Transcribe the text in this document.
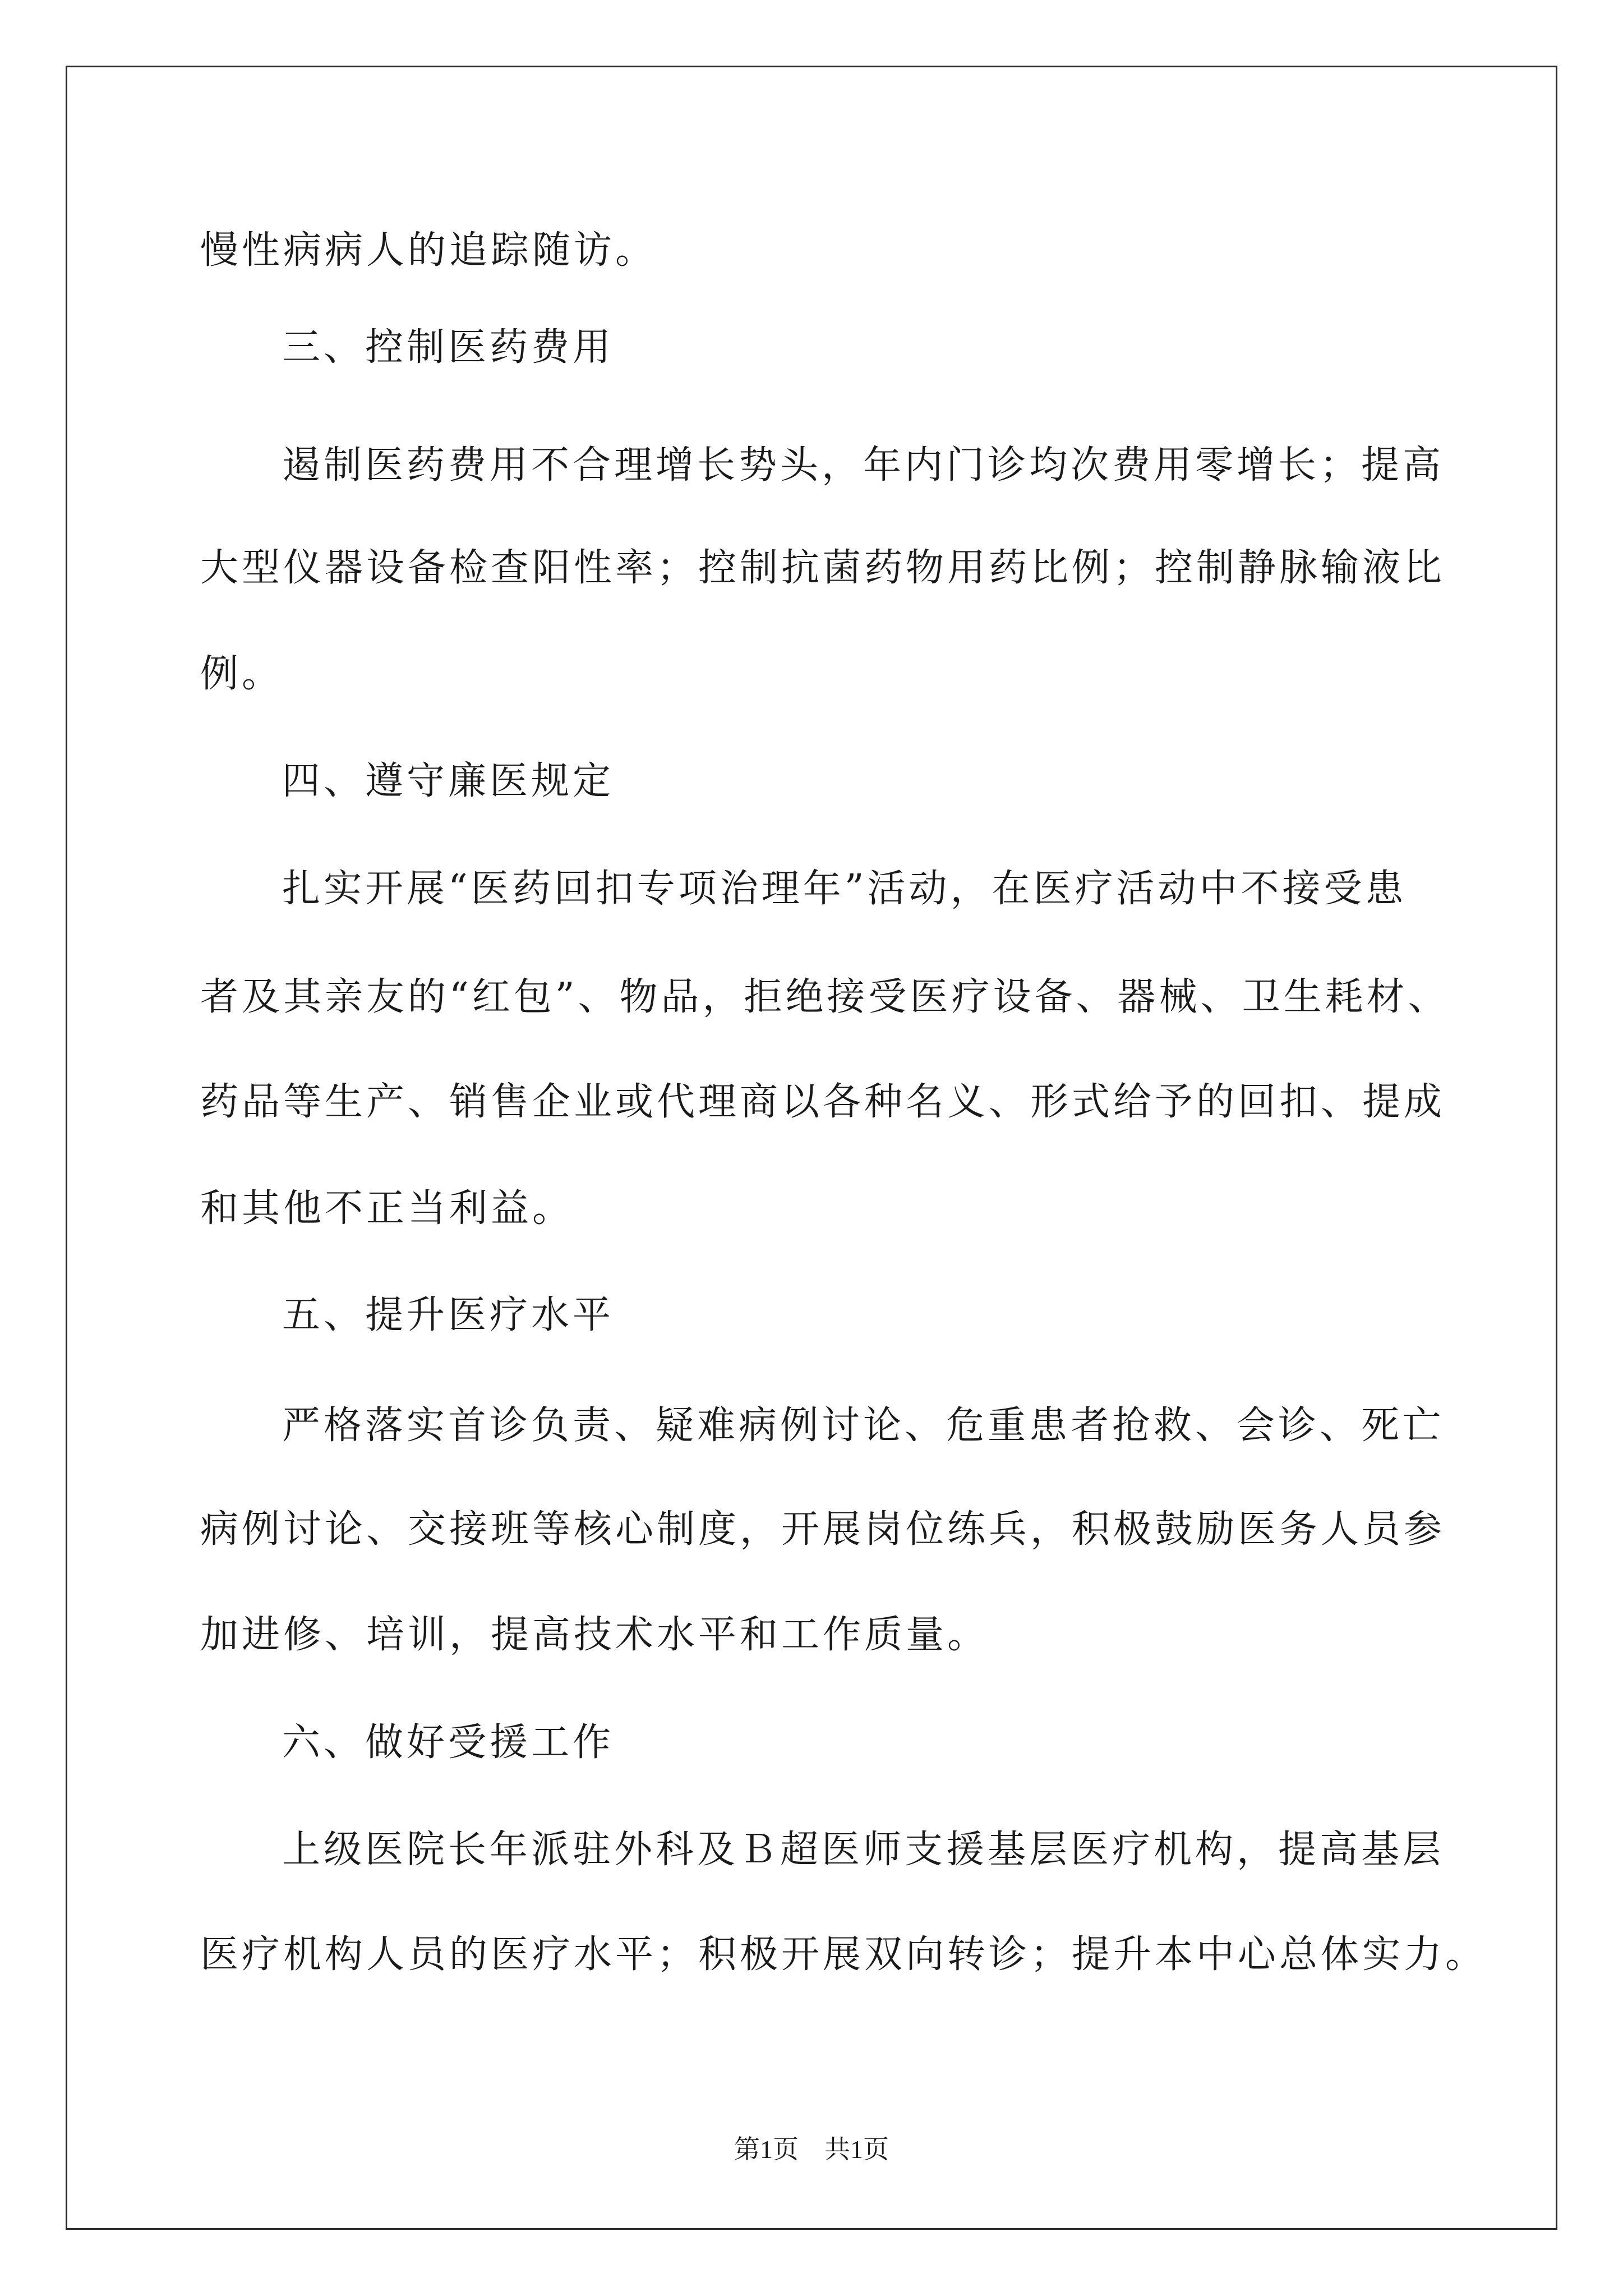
慢性病病人的追踪随访。
三、控制医药费用
遏制医药费用不合理增长势头，年内门诊均次费用零增长；提高
大型仪器设备检查阳性率；控制抗菌药物用药比例；控制静脉输液比
例。
四、遵守廉医规定
扎实开展“医药回扣专项治理年”活动，在医疗活动中不接受患
者及其亲友的“红包”、物品，拒绝接受医疗设备、器械、卫生耗材、
药品等生产、销售企业或代理商以各种名义、形式给予的回扣、提成
和其他不正当利益。
五、提升医疗水平
严格落实首诊负责、疑难病例讨论、危重患者抢救、会诊、死亡
病例讨论、交接班等核心制度，开展岗位练兵，积极鼓励医务人员参
加进修、培训，提高技术水平和工作质量。
六、做好受援工作
上级医院长年派驻外科及Ｂ超医师支援基层医疗机构，提高基层
医疗机构人员的医疗水平；积极开展双向转诊；提升本中心总体实力。
第1页　共1页
